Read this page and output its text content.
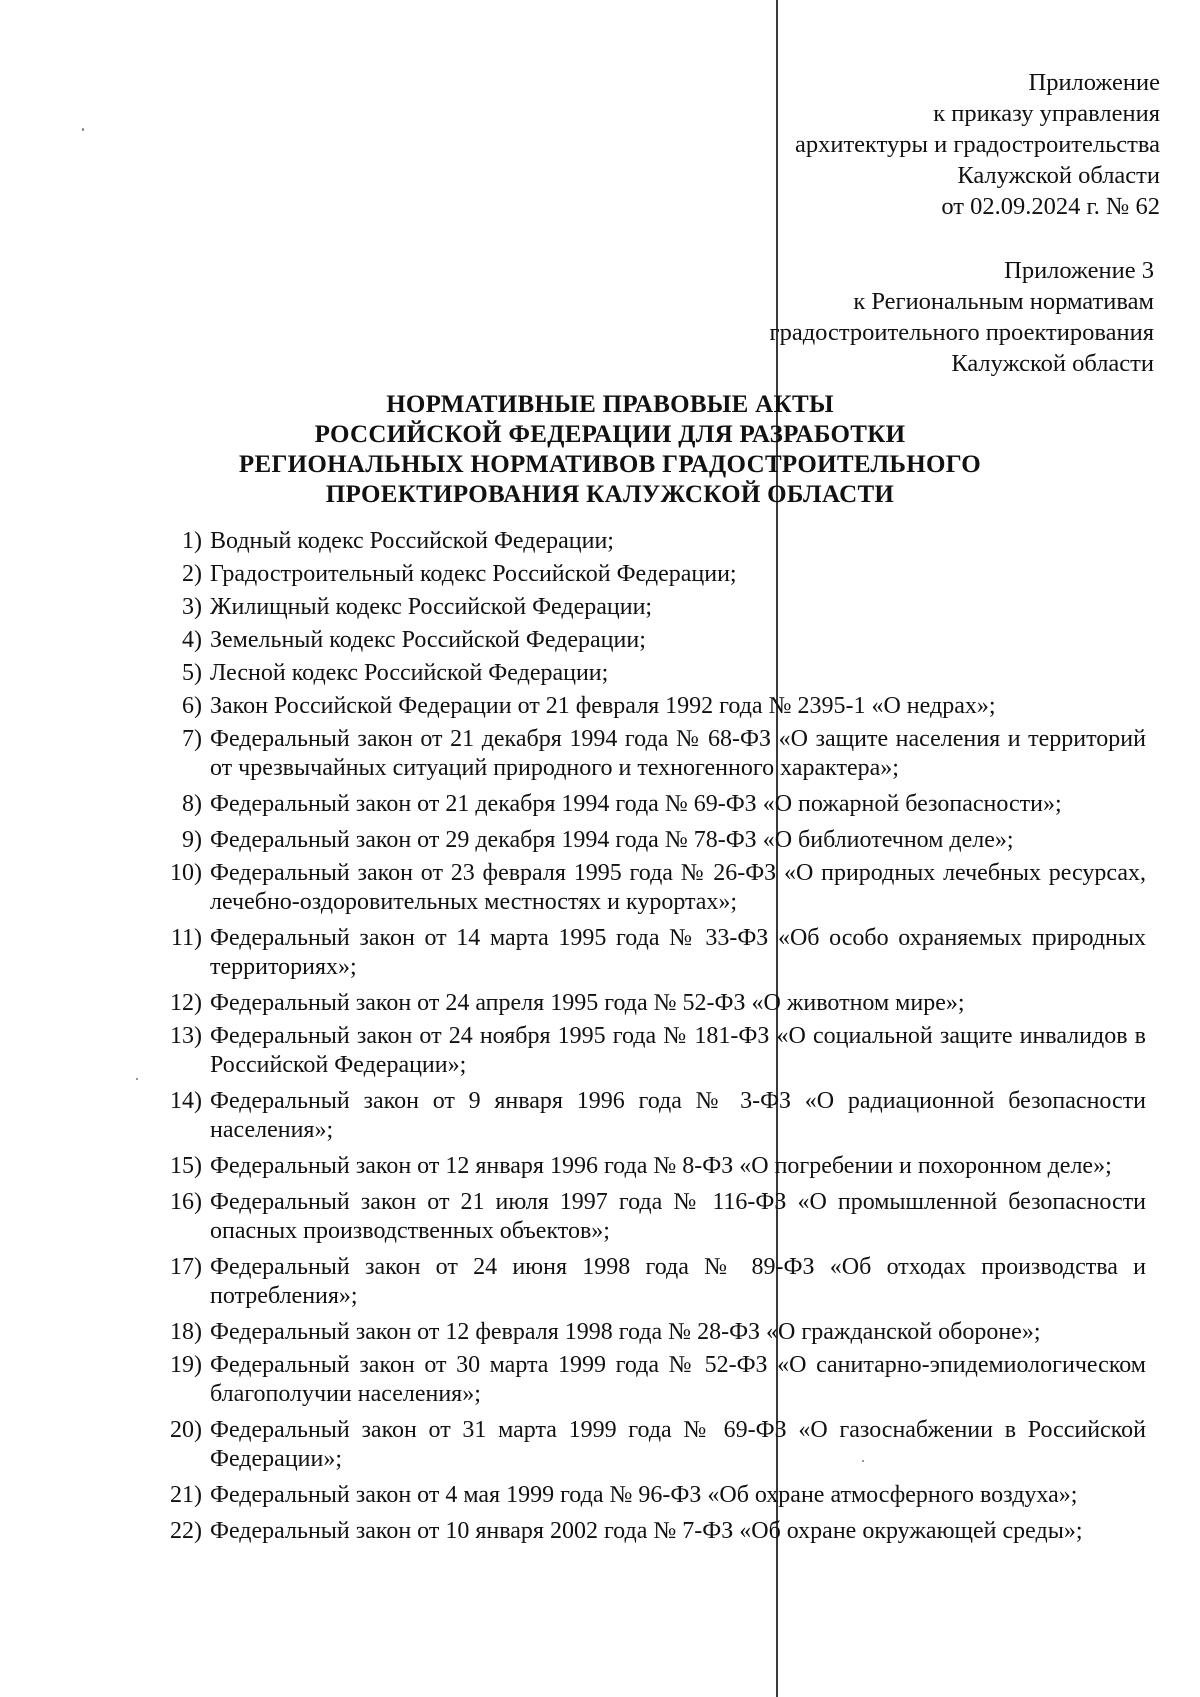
Приложение
к приказу управления
архитектуры и градостроительства
Калужской области
от 02.09.2024 г. № 62
Приложение 3
к Региональным нормативам
градостроительного проектирования
Калужской области
НОРМАТИВНЫЕ ПРАВОВЫЕ АКТЫ
РОССИЙСКОЙ ФЕДЕРАЦИИ ДЛЯ РАЗРАБОТКИ
РЕГИОНАЛЬНЫХ НОРМАТИВОВ ГРАДОСТРОИТЕЛЬНОГО
ПРОЕКТИРОВАНИЯ КАЛУЖСКОЙ ОБЛАСТИ
1) Водный кодекс Российской Федерации;
2) Градостроительный кодекс Российской Федерации;
3) Жилищный кодекс Российской Федерации;
4) Земельный кодекс Российской Федерации;
5) Лесной кодекс Российской Федерации;
6) Закон Российской Федерации от 21 февраля 1992 года № 2395-1 «О недрах»;
7) Федеральный закон от 21 декабря 1994 года № 68-ФЗ «О защите населения и территорий от чрезвычайных ситуаций природного и техногенного характера»;
8) Федеральный закон от 21 декабря 1994 года № 69-ФЗ «О пожарной безопасности»;
9) Федеральный закон от 29 декабря 1994 года № 78-ФЗ «О библиотечном деле»;
10) Федеральный закон от 23 февраля 1995 года № 26-ФЗ «О природных лечебных ресурсах, лечебно-оздоровительных местностях и курортах»;
11) Федеральный закон от 14 марта 1995 года № 33-ФЗ «Об особо охраняемых природных территориях»;
12) Федеральный закон от 24 апреля 1995 года № 52-ФЗ «О животном мире»;
13) Федеральный закон от 24 ноября 1995 года № 181-ФЗ «О социальной защите инвалидов в Российской Федерации»;
14) Федеральный закон от 9 января 1996 года № 3-ФЗ «О радиационной безопасности населения»;
15) Федеральный закон от 12 января 1996 года № 8-ФЗ «О погребении и похоронном деле»;
16) Федеральный закон от 21 июля 1997 года № 116-ФЗ «О промышленной безопасности опасных производственных объектов»;
17) Федеральный закон от 24 июня 1998 года № 89-ФЗ «Об отходах производства и потребления»;
18) Федеральный закон от 12 февраля 1998 года № 28-ФЗ «О гражданской обороне»;
19) Федеральный закон от 30 марта 1999 года № 52-ФЗ «О санитарно-эпидемиологическом благополучии населения»;
20) Федеральный закон от 31 марта 1999 года № 69-ФЗ «О газоснабжении в Российской Федерации»;
21) Федеральный закон от 4 мая 1999 года № 96-ФЗ «Об охране атмосферного воздуха»;
22) Федеральный закон от 10 января 2002 года № 7-ФЗ «Об охране окружающей среды»;
